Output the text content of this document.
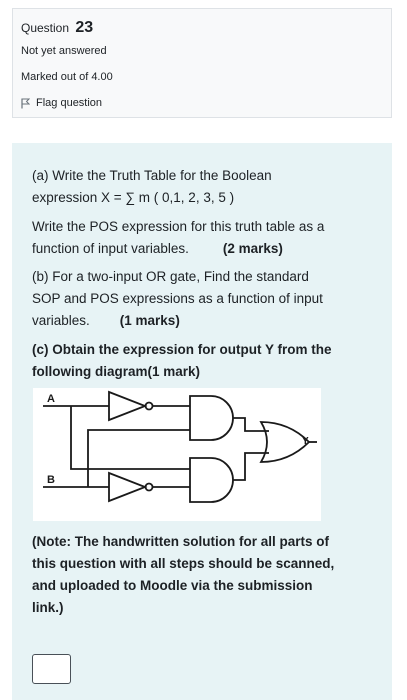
Question 23
Not yet answered
Marked out of 4.00
Flag question
(a) Write the Truth Table for the Boolean
expression X = ∑ m ( 0,1, 2, 3, 5 )
Write the POS expression for this truth table as a
function of input variables.	(2 marks)
(b) For a two-input OR gate, Find the standard
SOP and POS expressions as a function of input
variables. (1 marks)
(c) Obtain the expression for output Y from the
following diagram(1 mark)
A
B
Y
(Note: The handwritten solution for all parts of
this question with all steps should be scanned,
and uploaded to Moodle via the submission
link.)
